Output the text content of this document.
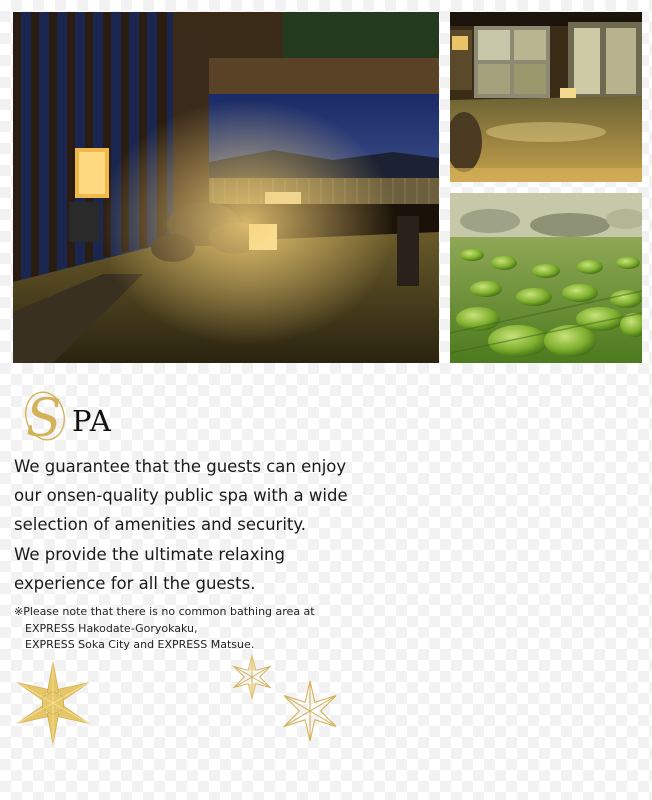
S PA
We guarantee that the guests can enjoy
our onsen-quality public spa with a wide
selection of amenities and security.
We provide the ultimate relaxing
experience for all the guests.
※Please note that there is no common bathing area at
EXPRESS Hakodate-Goryokaku,
EXPRESS Soka City and EXPRESS Matsue.
